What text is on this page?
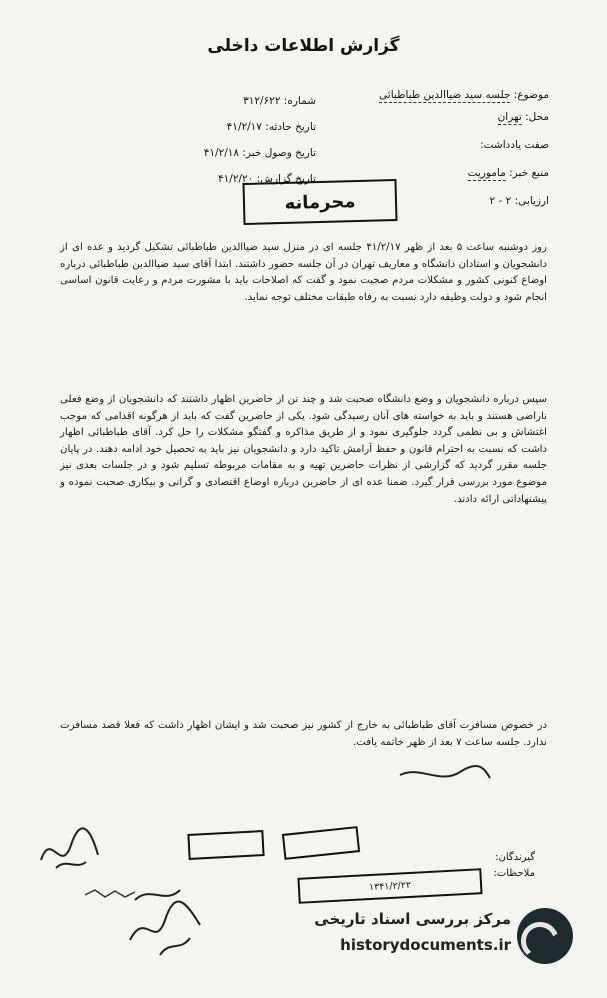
گزارش اطلاعات داخلی
موضوع: جلسه سید ضیاالدین طباطبائی
محل: تهران
صفت یادداشت:
منبع خبر: ماموریت
ارزیابی: ۲ - ۲
شماره: ۳۱۲/۶۲۲
تاریخ حادثه: ۴۱/۲/۱۷
تاریخ وصول خبر: ۴۱/۲/۱۸
تاریخ گزارش: ۴۱/۲/۲۰
محرمانه
روز دوشنبه ساعت ۵ بعد از ظهر ۴۱/۲/۱۷ جلسه ای در منزل سید ضیاالدین طباطبائی تشکیل گردید و عده ای از دانشجویان و استادان دانشگاه و معاریف تهران در آن جلسه حضور داشتند. ابتدا آقای سید ضیاالدین طباطبائی درباره اوضاع کنونی کشور و مشکلات مردم صحبت نمود و گفت که اصلاحات باید با مشورت مردم و رعایت قانون اساسی انجام شود و دولت وظیفه دارد نسبت به رفاه طبقات مختلف توجه نماید.
سپس درباره دانشجویان و وضع دانشگاه صحبت شد و چند تن از حاضرین اظهار داشتند که دانشجویان از وضع فعلی ناراضی هستند و باید به خواسته های آنان رسیدگی شود. یکی از حاضرین گفت که باید از هرگونه اقدامی که موجب اغتشاش و بی نظمی گردد جلوگیری نمود و از طریق مذاکره و گفتگو مشکلات را حل کرد. آقای طباطبائی اظهار داشت که نسبت به احترام قانون و حفظ آرامش تاکید دارد و دانشجویان نیز باید به تحصیل خود ادامه دهند. در پایان جلسه مقرر گردید که گزارشی از نظرات حاضرین تهیه و به مقامات مربوطه تسلیم شود و در جلسات بعدی نیز موضوع مورد بررسی قرار گیرد. ضمنا عده ای از حاضرین درباره اوضاع اقتصادی و گرانی و بیکاری صحبت نموده و پیشنهاداتی ارائه دادند.
در خصوص مسافرت آقای طباطبائی به خارج از کشور نیز صحبت شد و ایشان اظهار داشت که فعلا قصد مسافرت ندارد. جلسه ساعت ۷ بعد از ظهر خاتمه یافت.
گیرندگان:
ملاحظات:
۱۳۴۱/۲/۲۲
مرکز بررسی اسناد تاریخی
historydocuments.ir
